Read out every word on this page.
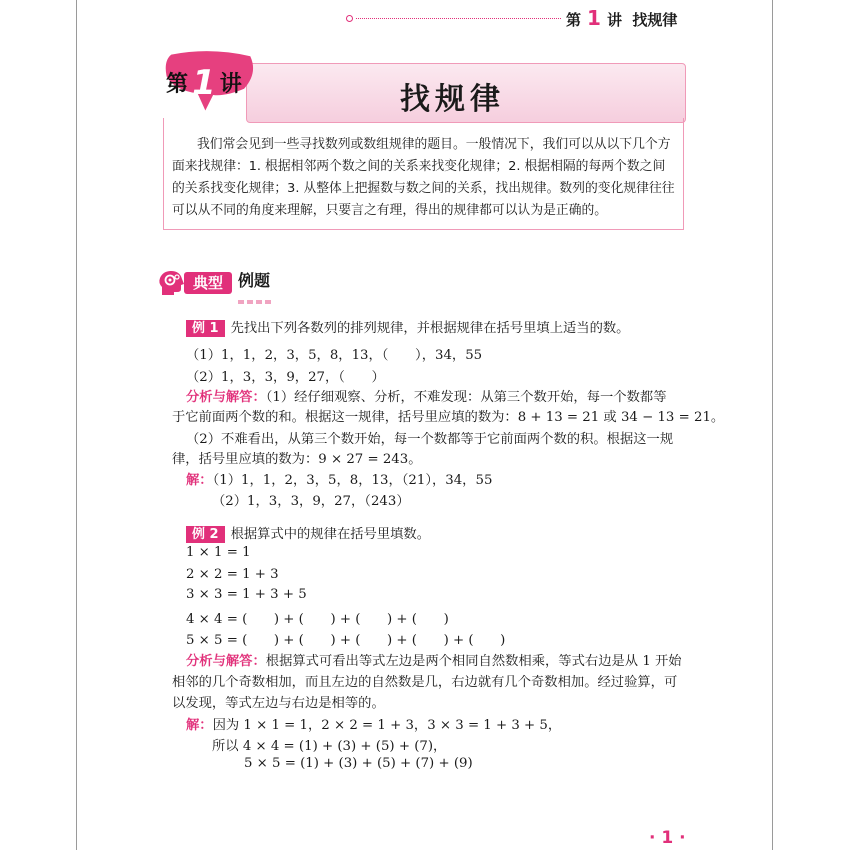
第 1 讲 找规律
找规律
第 1 讲
我们常会见到一些寻找数列或数组规律的题目。一般情况下，我们可以从以下几个方面来找规律：1. 根据相邻两个数之间的关系来找变化规律；2. 根据相隔的每两个数之间的关系找变化规律；3. 从整体上把握数与数之间的关系，找出规律。数列的变化规律往往可以从不同的角度来理解，只要言之有理，得出的规律都可以认为是正确的。
典型 例题
例 1 先找出下列各数列的排列规律，并根据规律在括号里填上适当的数。
（1）1，1，2，3，5，8，13，（　　），34，55
（2）1，3，3，9，27，（　　）
分析与解答：（1）经仔细观察、分析，不难发现：从第三个数开始，每一个数都等
于它前面两个数的和。根据这一规律，括号里应填的数为：8 + 13 = 21 或 34 − 13 = 21。
（2）不难看出，从第三个数开始，每一个数都等于它前面两个数的积。根据这一规
律，括号里应填的数为：9 × 27 = 243。
解：（1）1，1，2，3，5，8，13，（21），34，55
（2）1，3，3，9，27，（243）
例 2 根据算式中的规律在括号里填数。
1 × 1 = 1
2 × 2 = 1 + 3
3 × 3 = 1 + 3 + 5
4 × 4 = (　　) + (　　) + (　　) + (　　)
5 × 5 = (　　) + (　　) + (　　) + (　　) + (　　)
分析与解答：根据算式可看出等式左边是两个相同自然数相乘，等式右边是从 1 开始
相邻的几个奇数相加，而且左边的自然数是几，右边就有几个奇数相加。经过验算，可
以发现，等式左边与右边是相等的。
解：因为 1 × 1 = 1，2 × 2 = 1 + 3，3 × 3 = 1 + 3 + 5，
所以 4 × 4 = (1) + (3) + (5) + (7)，
5 × 5 = (1) + (3) + (5) + (7) + (9)
· 1 ·
